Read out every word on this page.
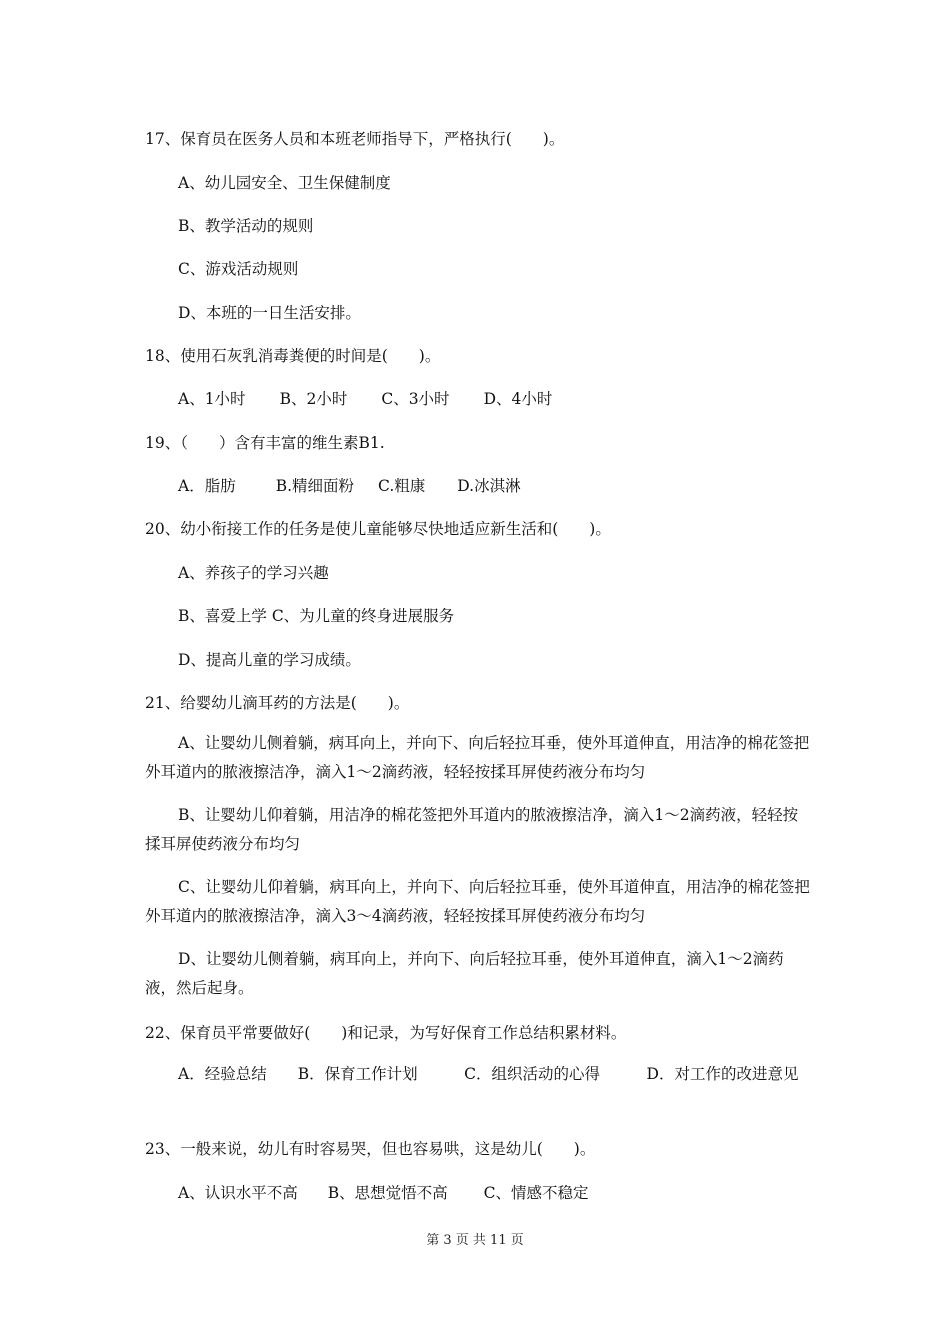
17、保育员在医务人员和本班老师指导下，严格执行(　　)。
A、幼儿园安全、卫生保健制度
B、教学活动的规则
C、游戏活动规则
D、本班的一日生活安排。
18、使用石灰乳消毒粪便的时间是(　　)。
A、1小时 B、2小时 C、3小时 D、4小时
19、（　　）含有丰富的维生素B1.
A．脂肪	B.精细面粉 C.粗康 D.冰淇淋
20、幼小衔接工作的任务是使儿童能够尽快地适应新生活和(　　)。
A、养孩子的学习兴趣
B、喜爱上学 C、为儿童的终身进展服务
D、提高儿童的学习成绩。
21、给婴幼儿滴耳药的方法是(　　)。
A、让婴幼儿侧着躺，病耳向上，并向下、向后轻拉耳垂，使外耳道伸直，用洁净的棉花签把外耳道内的脓液擦洁净，滴入1～2滴药液，轻轻按揉耳屏使药液分布均匀
B、让婴幼儿仰着躺，用洁净的棉花签把外耳道内的脓液擦洁净，滴入1～2滴药液，轻轻按揉耳屏使药液分布均匀
C、让婴幼儿仰着躺，病耳向上，并向下、向后轻拉耳垂，使外耳道伸直，用洁净的棉花签把外耳道内的脓液擦洁净，滴入3～4滴药液，轻轻按揉耳屏使药液分布均匀
D、让婴幼儿侧着躺，病耳向上，并向下、向后轻拉耳垂，使外耳道伸直，滴入1～2滴药液，然后起身。
22、保育员平常要做好(　　)和记录，为写好保育工作总结积累材料。
A．经验总结　　 B．保育工作计划　　　	C．组织活动的心得　　　	D．对工作的改进意见
23、一般来说，幼儿有时容易哭，但也容易哄，这是幼儿(　　)。
A、认识水平不高 B、思想觉悟不高 C、情感不稳定
第 3 页 共 11 页
